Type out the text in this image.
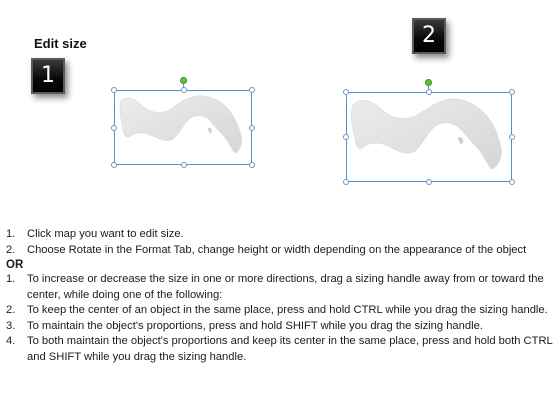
Edit size
1
2
1.	Click map you want to edit size.
2.	Choose Rotate in the Format Tab, change height or width depending on the appearance of the object
OR
1.	To increase or decrease the size in one or more directions, drag a sizing handle away from or toward the center, while doing one of the following:
2.	To keep the center of an object in the same place, press and hold CTRL while you drag the sizing handle.
3.	To maintain the object's proportions, press and hold SHIFT while you drag the sizing handle.
4.	To both maintain the object's proportions and keep its center in the same place, press and hold both CTRL and SHIFT while you drag the sizing handle.
